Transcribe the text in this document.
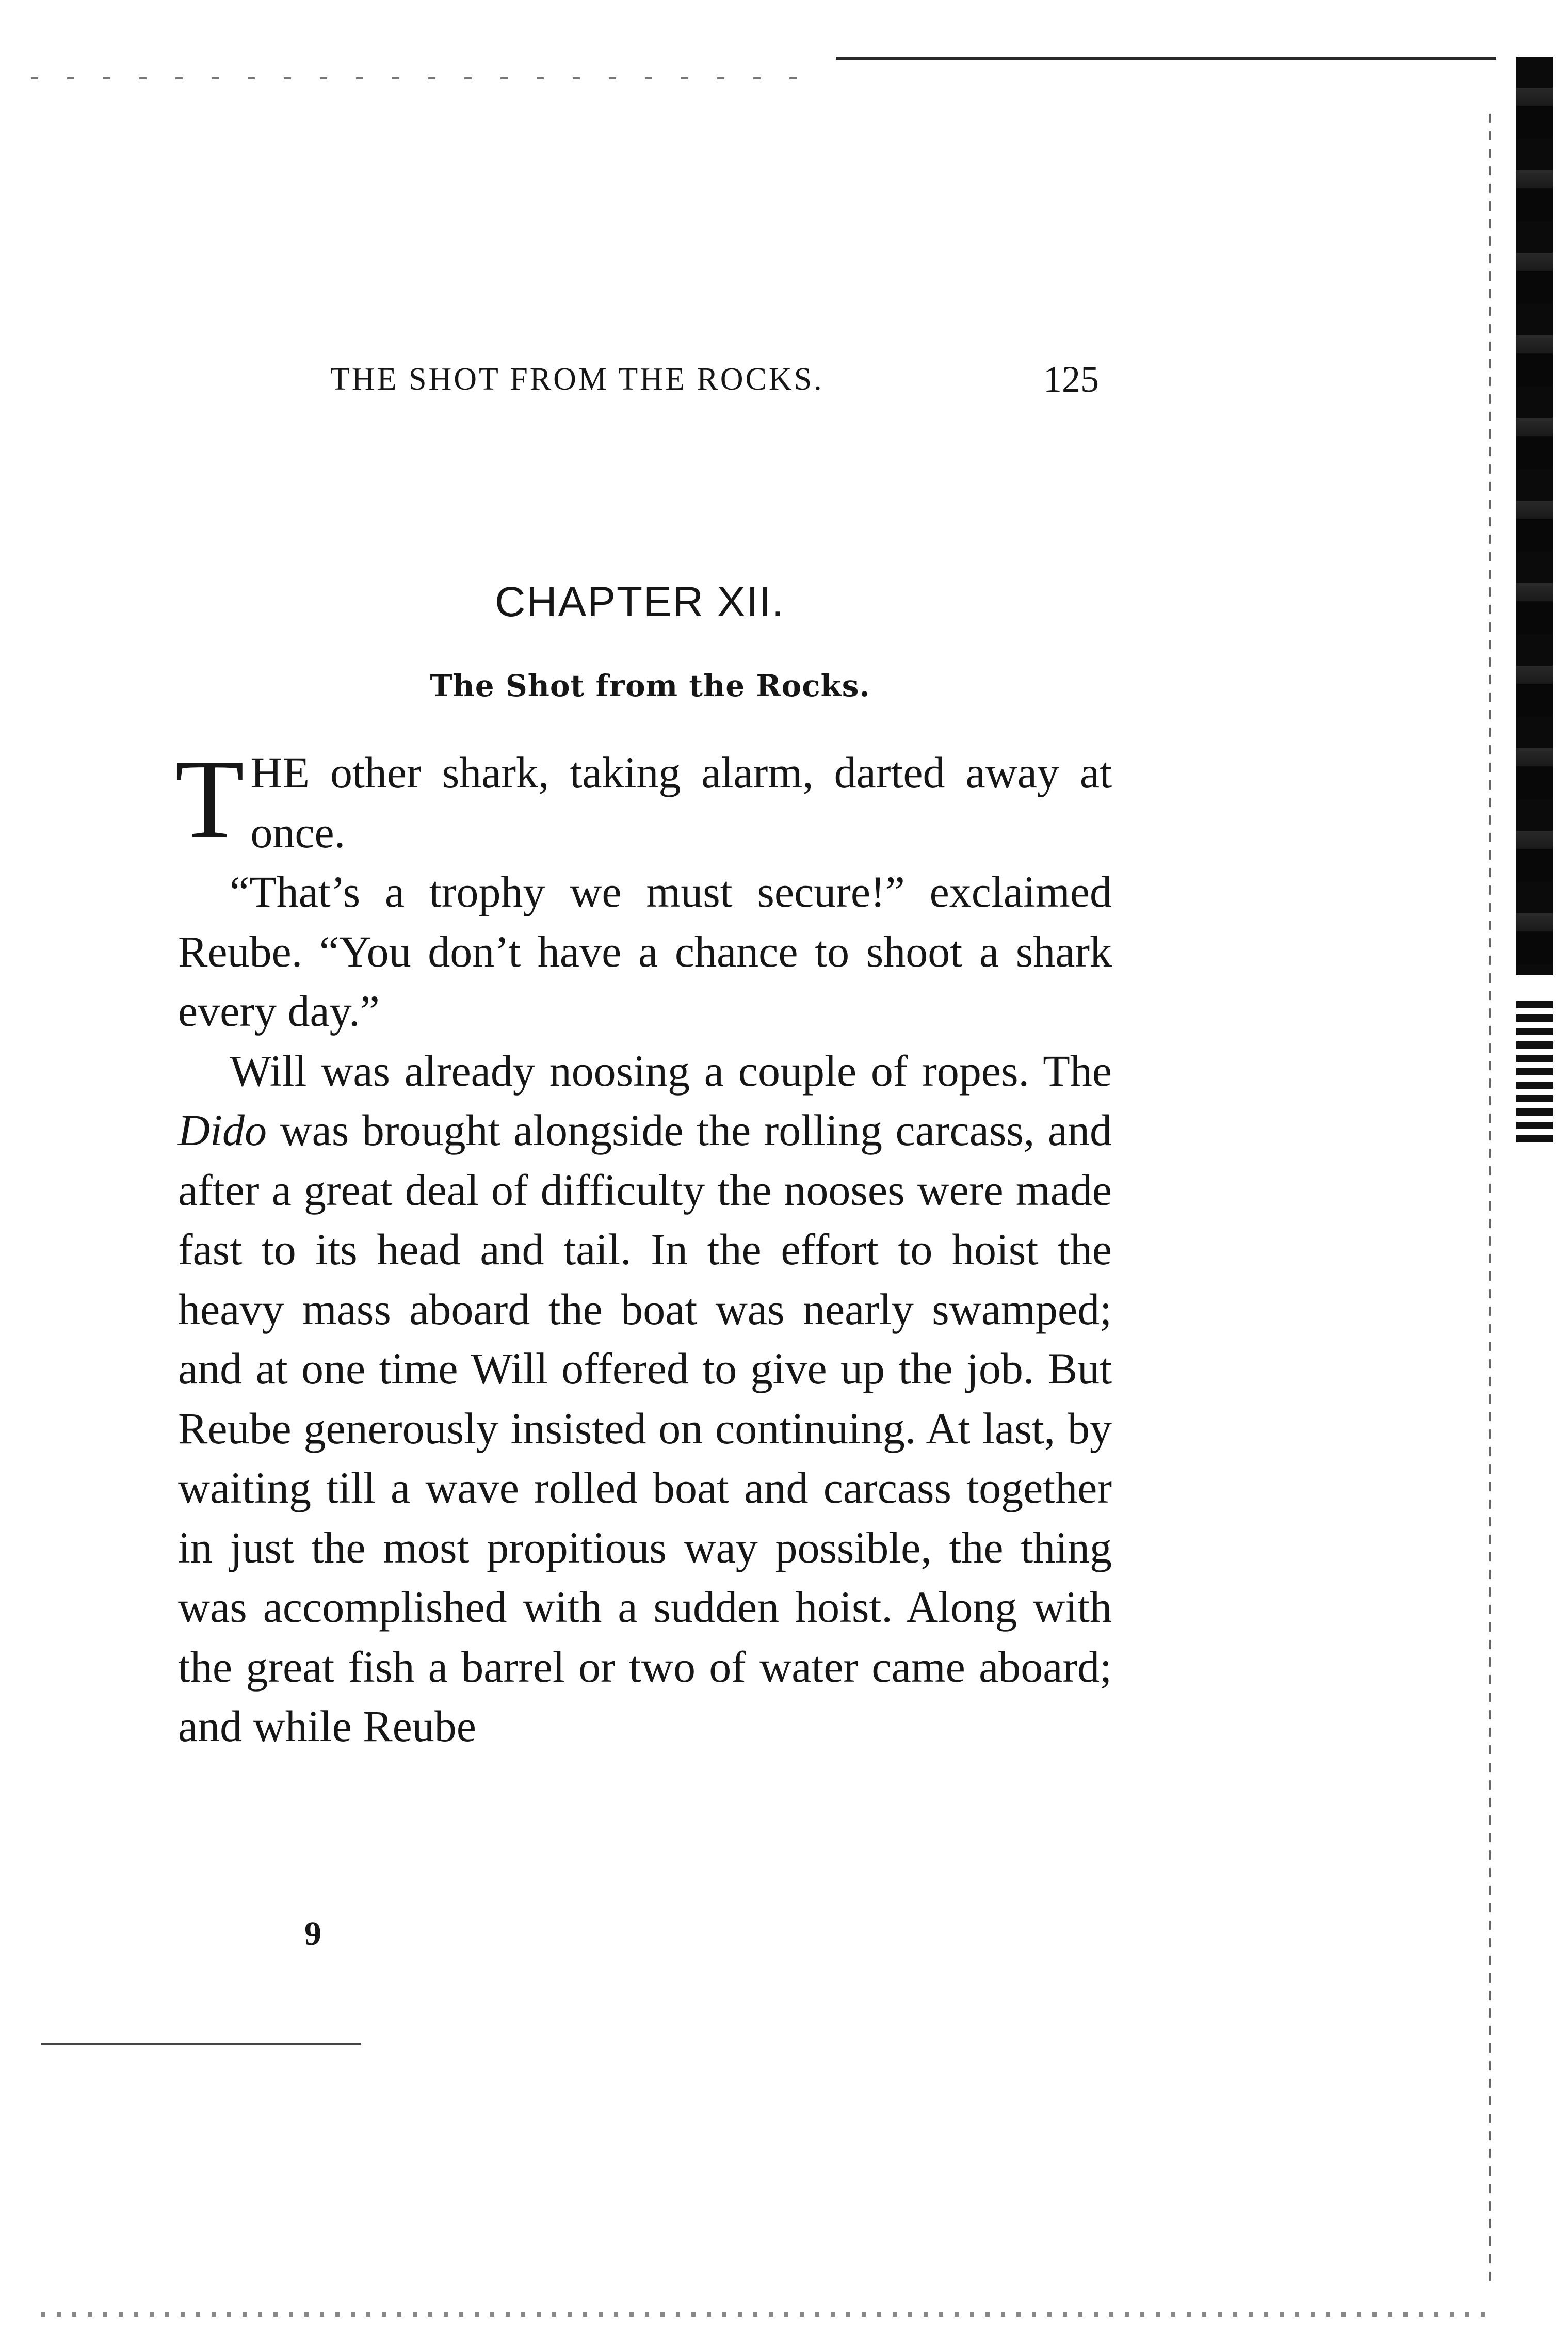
THE SHOT FROM THE ROCKS.	125
CHAPTER XII.
The Shot from the Rocks.

THE other shark, taking alarm, darted away at once.

“That’s a trophy we must secure!” exclaimed Reube. “You don’t have a chance to shoot a shark every day.”

Will was already noosing a couple of ropes. The Dido was brought alongside the rolling carcass, and after a great deal of difficulty the nooses were made fast to its head and tail. In the effort to hoist the heavy mass aboard the boat was nearly swamped; and at one time Will offered to give up the job. But Reube generously insisted on continuing. At last, by waiting till a wave rolled boat and carcass together in just the most propitious way possible, the thing was accomplished with a sudden hoist. Along with the great fish a barrel or two of water came aboard; and while Reube

9
